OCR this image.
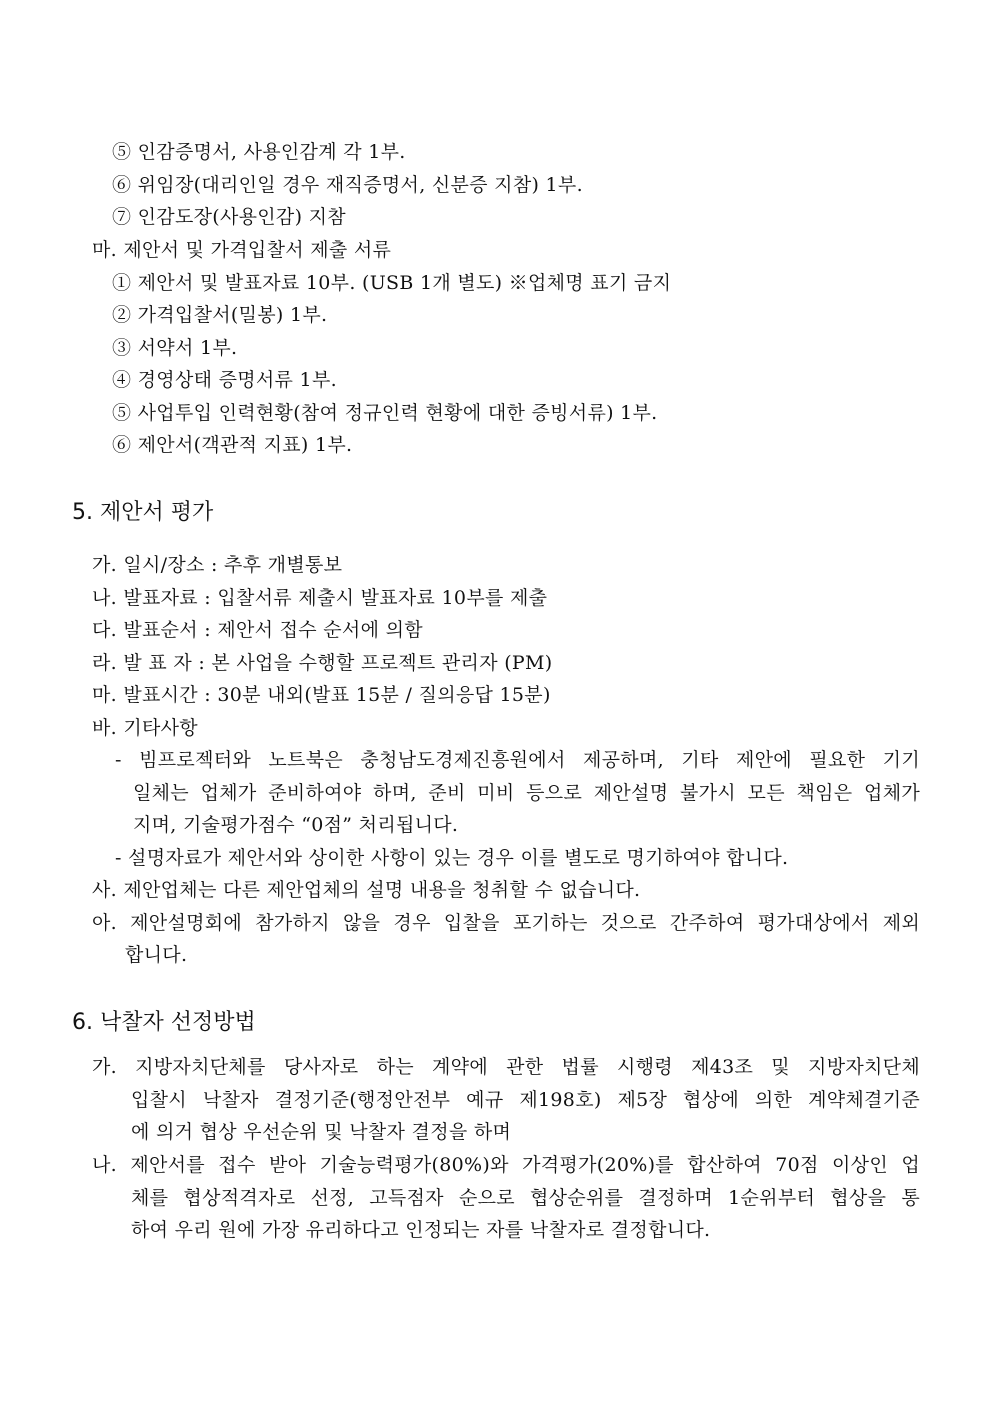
⑤ 인감증명서, 사용인감계 각 1부.
⑥ 위임장(대리인일 경우 재직증명서, 신분증 지참) 1부.
⑦ 인감도장(사용인감) 지참
마. 제안서 및 가격입찰서 제출 서류
① 제안서 및 발표자료 10부. (USB 1개 별도) ※업체명 표기 금지
② 가격입찰서(밀봉) 1부.
③ 서약서 1부.
④ 경영상태 증명서류 1부.
⑤ 사업투입 인력현황(참여 정규인력 현황에 대한 증빙서류) 1부.
⑥ 제안서(객관적 지표) 1부.
5. 제안서 평가
가. 일시/장소 : 추후 개별통보
나. 발표자료 : 입찰서류 제출시 발표자료 10부를 제출
다. 발표순서 : 제안서 접수 순서에 의함
라. 발 표 자 : 본 사업을 수행할 프로젝트 관리자 (PM)
마. 발표시간 : 30분 내외(발표 15분 / 질의응답 15분)
바. 기타사항
- 빔프로젝터와 노트북은 충청남도경제진흥원에서 제공하며, 기타 제안에 필요한 기기
일체는 업체가 준비하여야 하며, 준비 미비 등으로 제안설명 불가시 모든 책임은 업체가
지며, 기술평가점수 “0점” 처리됩니다.
- 설명자료가 제안서와 상이한 사항이 있는 경우 이를 별도로 명기하여야 합니다.
사. 제안업체는 다른 제안업체의 설명 내용을 청취할 수 없습니다.
아. 제안설명회에 참가하지 않을 경우 입찰을 포기하는 것으로 간주하여 평가대상에서 제외
합니다.
6. 낙찰자 선정방법
가. 지방자치단체를 당사자로 하는 계약에 관한 법률 시행령 제43조 및 지방자치단체
입찰시 낙찰자 결정기준(행정안전부 예규 제198호) 제5장 협상에 의한 계약체결기준
에 의거 협상 우선순위 및 낙찰자 결정을 하며
나. 제안서를 접수 받아 기술능력평가(80%)와 가격평가(20%)를 합산하여 70점 이상인 업
체를 협상적격자로 선정, 고득점자 순으로 협상순위를 결정하며 1순위부터 협상을 통
하여 우리 원에 가장 유리하다고 인정되는 자를 낙찰자로 결정합니다.
